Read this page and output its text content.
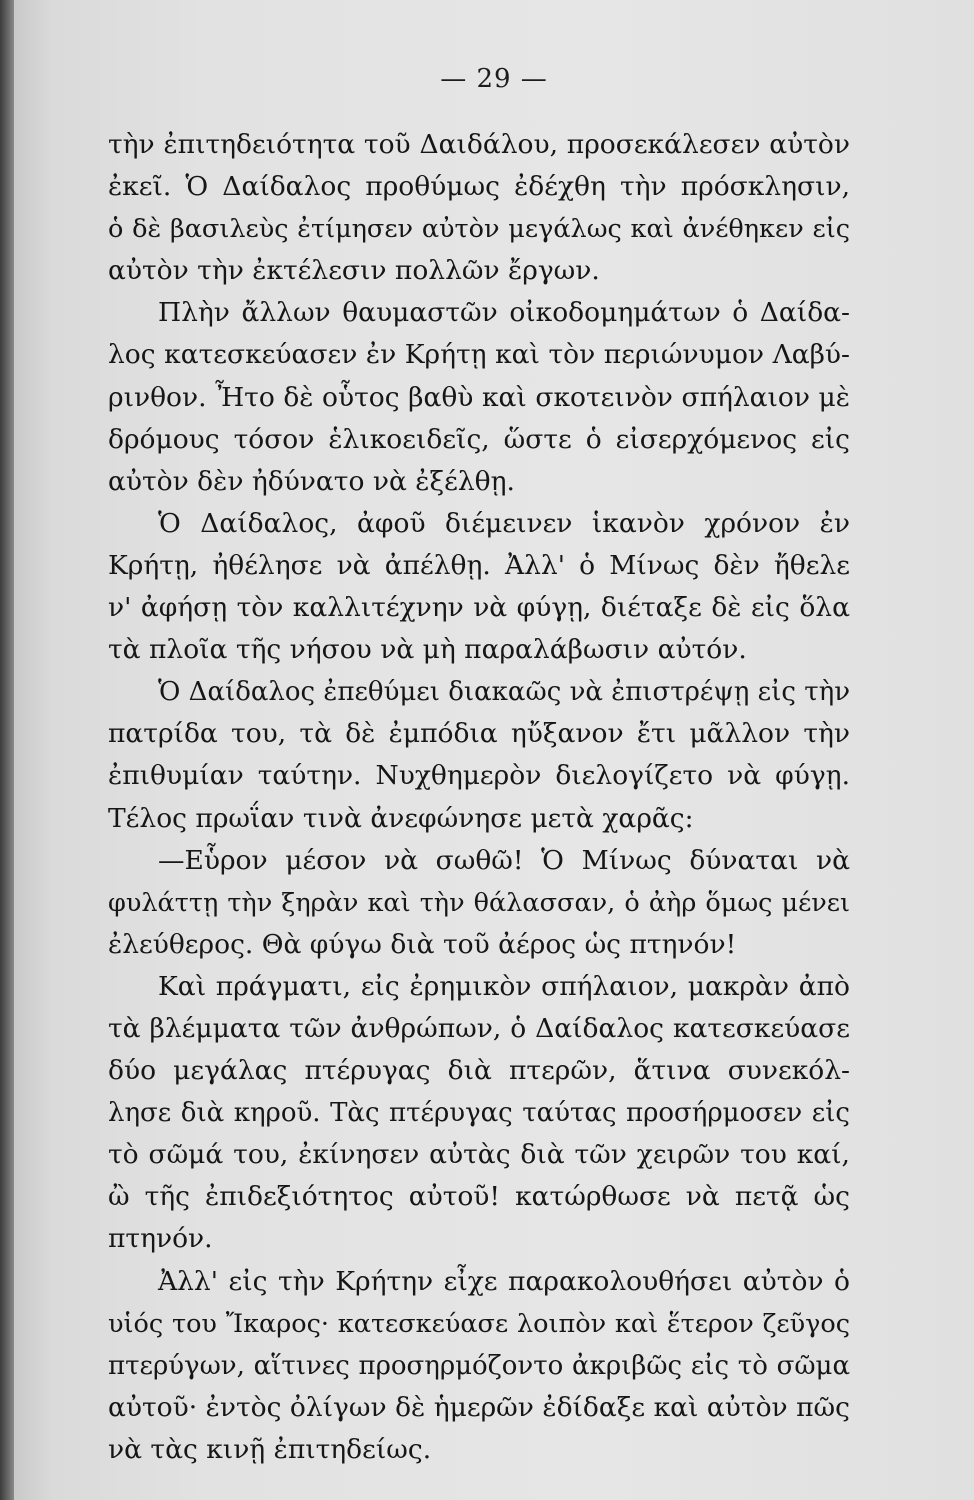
— 29 —
τὴν ἐπιτηδειότητα τοῦ Δαιδάλου, προσεκάλεσεν αὐτὸν
ἐκεῖ. Ὁ Δαίδαλος προθύμως ἐδέχθη τὴν πρόσκλησιν,
ὁ δὲ βασιλεὺς ἐτίμησεν αὐτὸν μεγάλως καὶ ἀνέθηκεν εἰς
αὐτὸν τὴν ἐκτέλεσιν πολλῶν ἔργων.
Πλὴν ἄλλων θαυμαστῶν οἰκοδομημάτων ὁ Δαίδα-
λος κατεσκεύασεν ἐν Κρήτῃ καὶ τὸν περιώνυμον Λαβύ-
ρινθον. Ἦτο δὲ οὗτος βαθὺ καὶ σκοτεινὸν σπήλαιον μὲ
δρόμους τόσον ἑλικοειδεῖς, ὥστε ὁ εἰσερχόμενος εἰς
αὐτὸν δὲν ἠδύνατο νὰ ἐξέλθῃ.
Ὁ Δαίδαλος, ἀφοῦ διέμεινεν ἱκανὸν χρόνον ἐν
Κρήτῃ, ἠθέλησε νὰ ἀπέλθῃ. Ἀλλ' ὁ Μίνως δὲν ἤθελε
ν' ἀφήσῃ τὸν καλλιτέχνην νὰ φύγῃ, διέταξε δὲ εἰς ὅλα
τὰ πλοῖα τῆς νήσου νὰ μὴ παραλάβωσιν αὐτόν.
Ὁ Δαίδαλος ἐπεθύμει διακαῶς νὰ ἐπιστρέψῃ εἰς τὴν
πατρίδα του, τὰ δὲ ἐμπόδια ηὔξανον ἔτι μᾶλλον τὴν
ἐπιθυμίαν ταύτην. Νυχθημερὸν διελογίζετο νὰ φύγῃ.
Τέλος πρωΐαν τινὰ ἀνεφώνησε μετὰ χαρᾶς:
—Εὗρον μέσον νὰ σωθῶ! Ὁ Μίνως δύναται νὰ
φυλάττῃ τὴν ξηρὰν καὶ τὴν θάλασσαν, ὁ ἀὴρ ὅμως μένει
ἐλεύθερος. Θὰ φύγω διὰ τοῦ ἀέρος ὡς πτηνόν!
Καὶ πράγματι, εἰς ἐρημικὸν σπήλαιον, μακρὰν ἀπὸ
τὰ βλέμματα τῶν ἀνθρώπων, ὁ Δαίδαλος κατεσκεύασε
δύο μεγάλας πτέρυγας διὰ πτερῶν, ἅτινα συνεκόλ-
λησε διὰ κηροῦ. Τὰς πτέρυγας ταύτας προσήρμοσεν εἰς
τὸ σῶμά του, ἐκίνησεν αὐτὰς διὰ τῶν χειρῶν του καί,
ὢ τῆς ἐπιδεξιότητος αὐτοῦ! κατώρθωσε νὰ πετᾷ ὡς
πτηνόν.
Ἀλλ' εἰς τὴν Κρήτην εἶχε παρακολουθήσει αὐτὸν ὁ
υἱός του Ἴκαρος· κατεσκεύασε λοιπὸν καὶ ἕτερον ζεῦγος
πτερύγων, αἵτινες προσηρμόζοντο ἀκριβῶς εἰς τὸ σῶμα
αὐτοῦ· ἐντὸς ὀλίγων δὲ ἡμερῶν ἐδίδαξε καὶ αὐτὸν πῶς
νὰ τὰς κινῇ ἐπιτηδείως.
